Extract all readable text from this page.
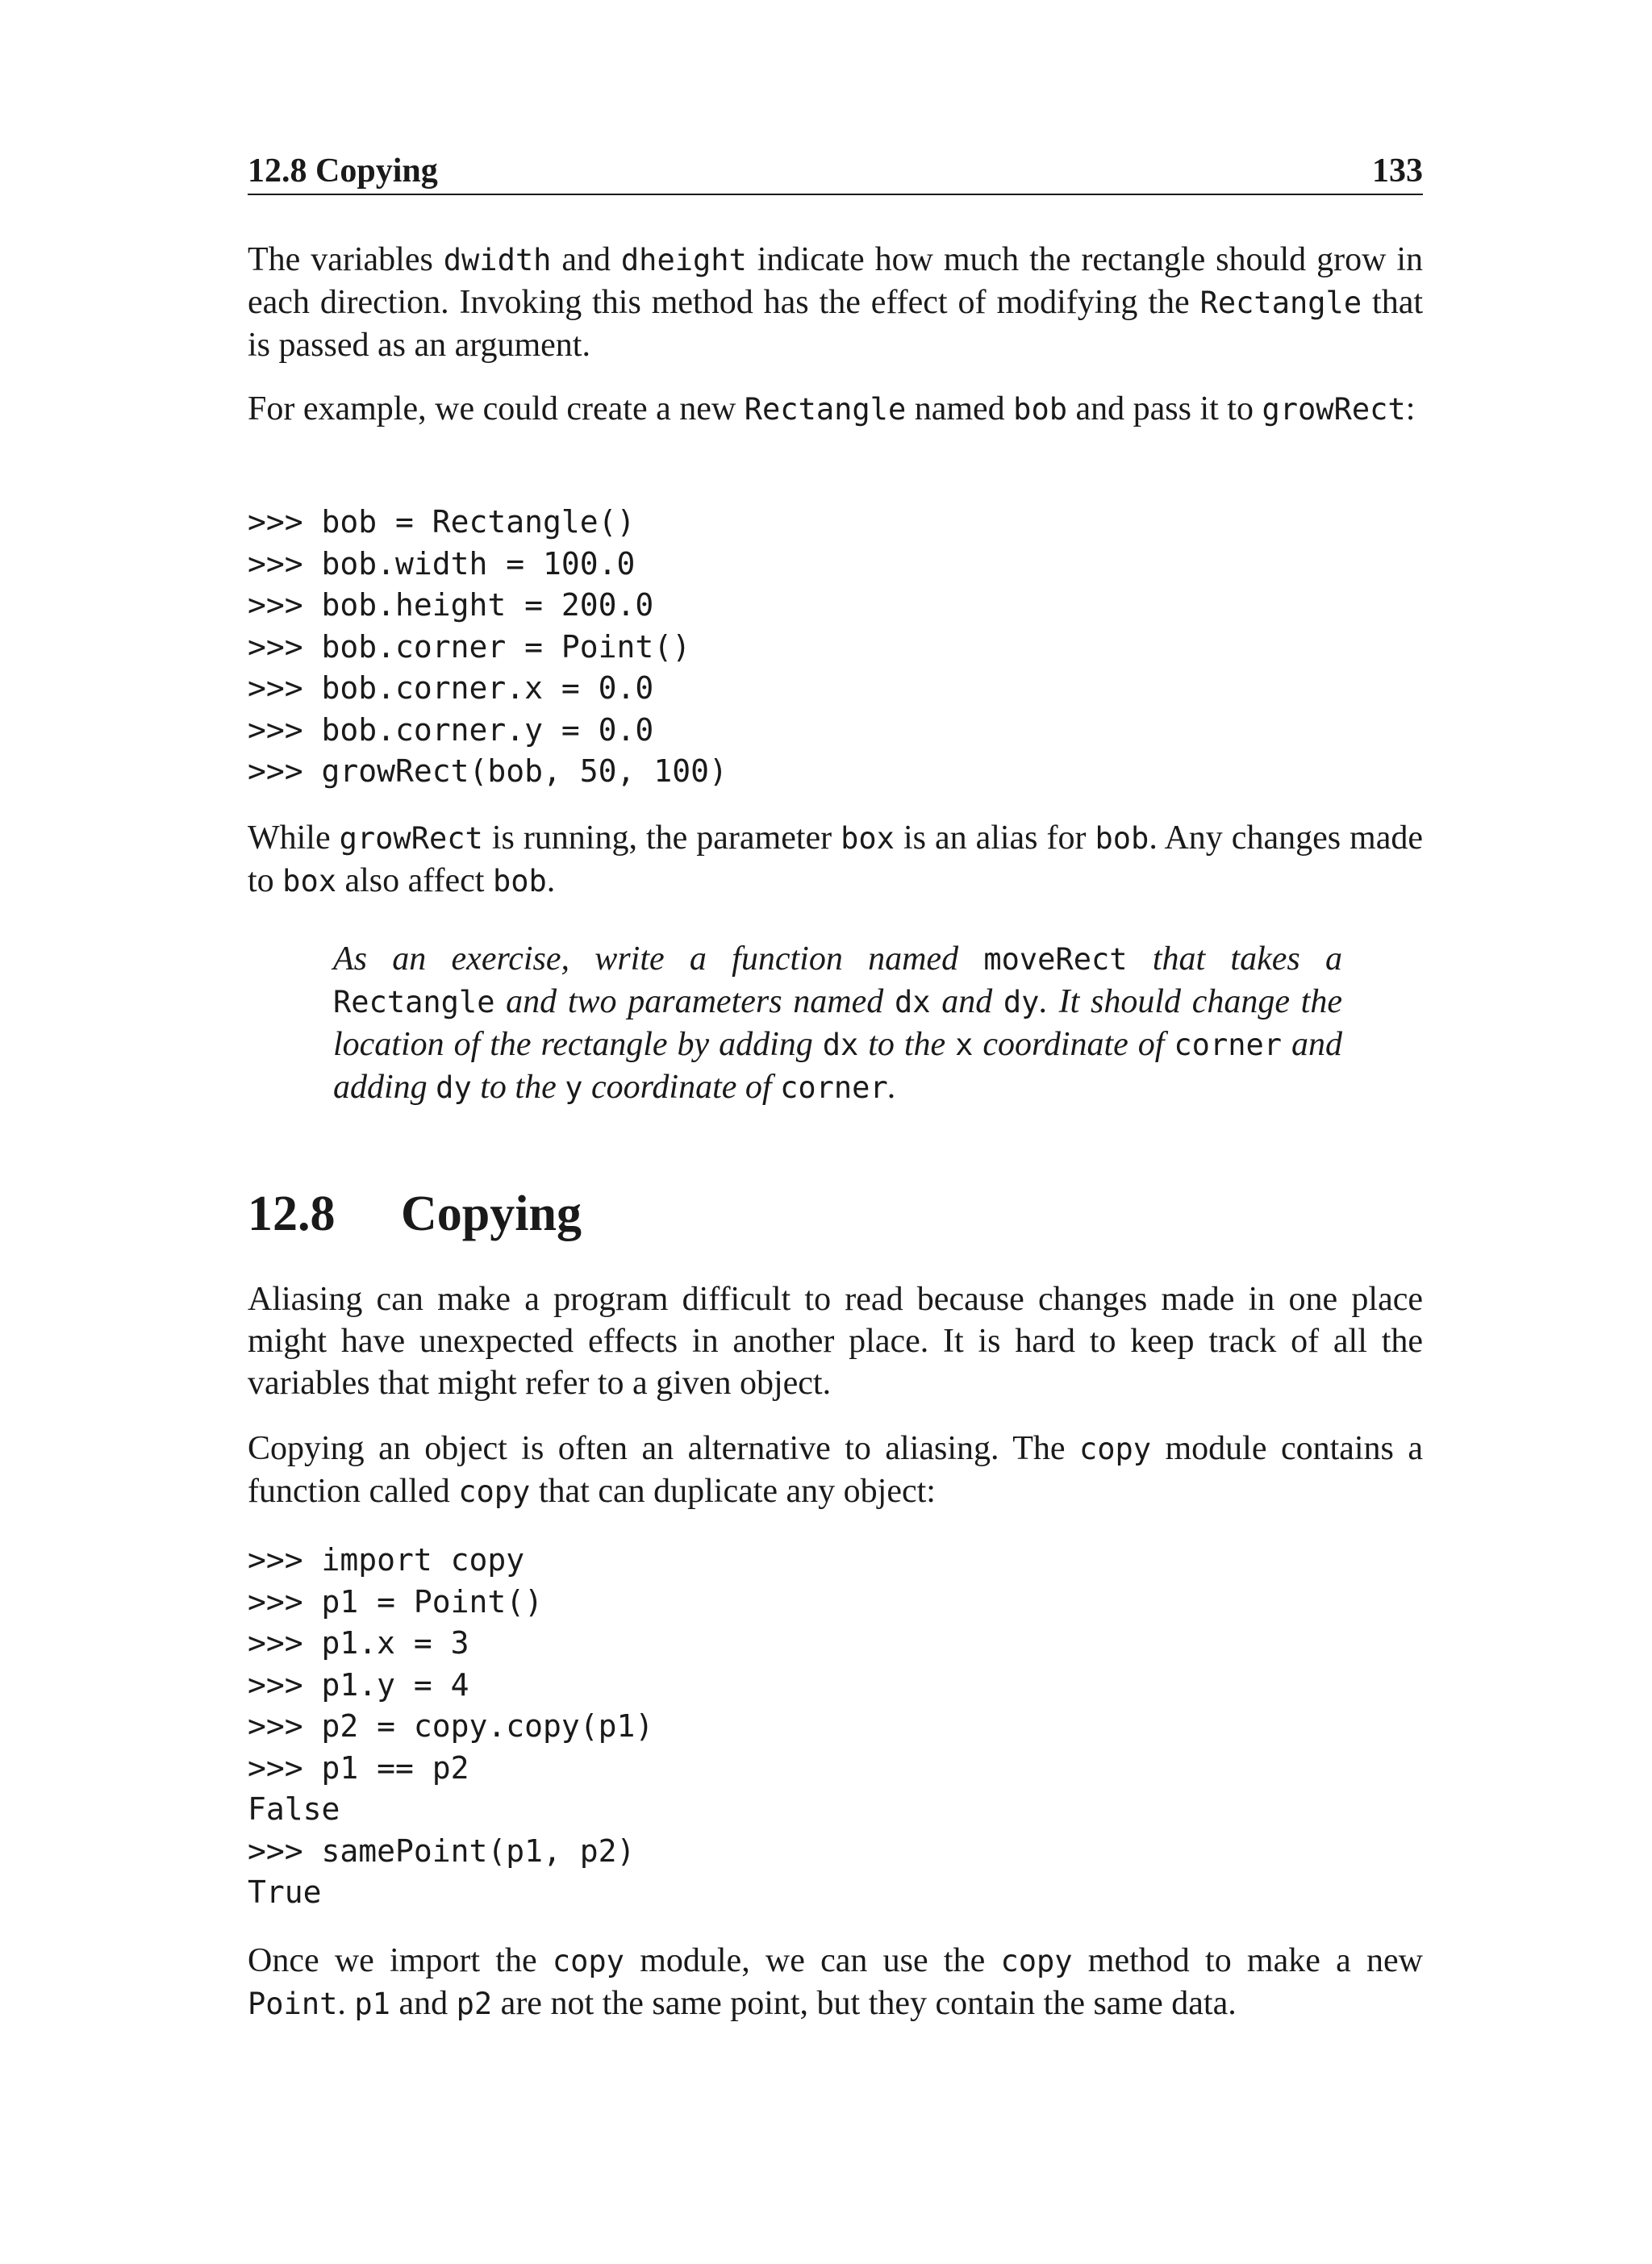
12.8 Copying	133

The variables dwidth and dheight indicate how much the rectangle should grow in each direction. Invoking this method has the effect of modifying the Rectangle that is passed as an argument.

For example, we could create a new Rectangle named bob and pass it to growRect:

>>> bob = Rectangle()
>>> bob.width = 100.0
>>> bob.height = 200.0
>>> bob.corner = Point()
>>> bob.corner.x = 0.0
>>> bob.corner.y = 0.0
>>> growRect(bob, 50, 100)

While growRect is running, the parameter box is an alias for bob. Any changes made to box also affect bob.

As an exercise, write a function named moveRect that takes a Rectangle and two parameters named dx and dy. It should change the location of the rectangle by adding dx to the x coordinate of corner and adding dy to the y coordinate of corner.

12.8 Copying

Aliasing can make a program difficult to read because changes made in one place might have unexpected effects in another place. It is hard to keep track of all the variables that might refer to a given object.

Copying an object is often an alternative to aliasing. The copy module contains a function called copy that can duplicate any object:

>>> import copy
>>> p1 = Point()
>>> p1.x = 3
>>> p1.y = 4
>>> p2 = copy.copy(p1)
>>> p1 == p2
False
>>> samePoint(p1, p2)
True

Once we import the copy module, we can use the copy method to make a new Point. p1 and p2 are not the same point, but they contain the same data.
